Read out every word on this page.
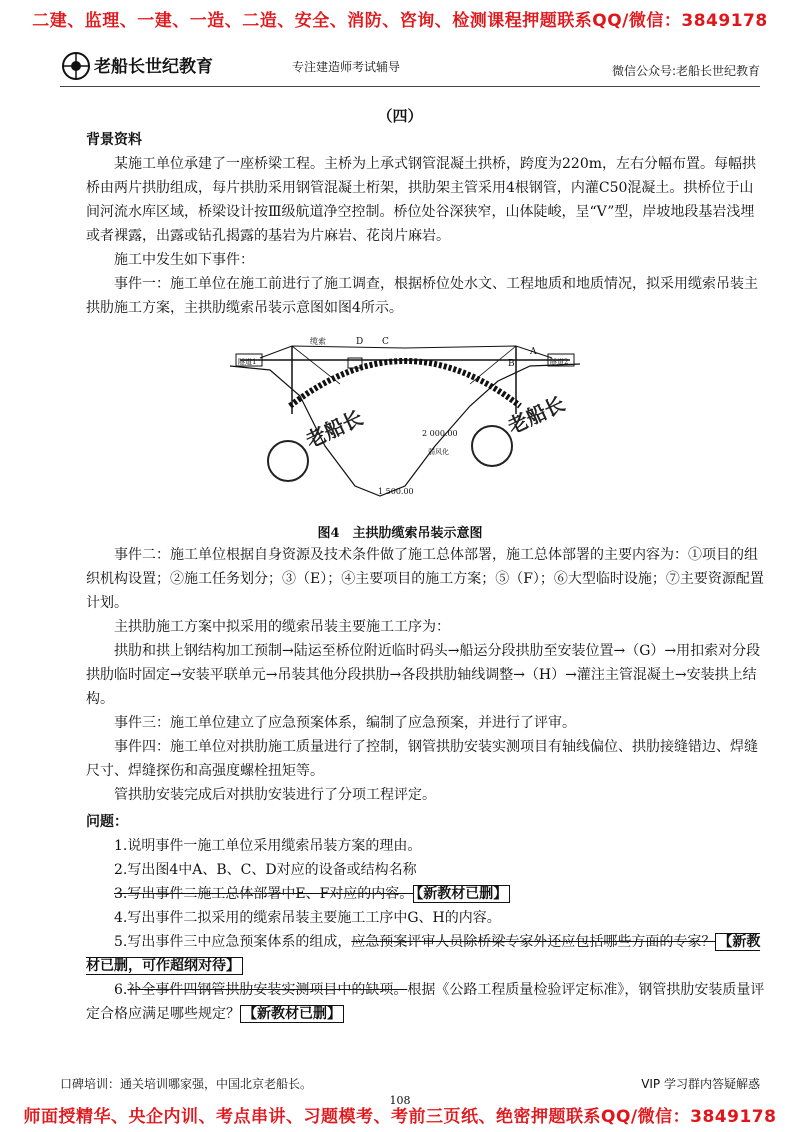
二建、监理、一建、一造、二造、安全、消防、咨询、检测课程押题联系QQ/微信：3849178
老船长世纪教育	专注建造师考试辅导	微信公众号:老船长世纪教育
（四）

背景资料

某施工单位承建了一座桥梁工程。主桥为上承式钢管混凝土拱桥，跨度为220m，左右分幅布置。每幅拱桥由两片拱肋组成，每片拱肋采用钢管混凝土桁架，拱肋架主管采用4根钢管，内灌C50混凝土。拱桥位于山间河流水库区域，桥梁设计按Ⅲ级航道净空控制。桥位处谷深狭窄，山体陡峻，呈“V”型，岸坡地段基岩浅埋或者裸露，出露或钻孔揭露的基岩为片麻岩、花岗片麻岩。

施工中发生如下事件：

事件一：施工单位在施工前进行了施工调查，根据桥位处水文、工程地质和地质情况，拟采用缆索吊装主拱肋施工方案，主拱肋缆索吊装示意图如图4所示。

隧道1	隧道2
缆索	D C
B
A
2 000.00
弱风化
1 500.00
老船长	老船长
图4　主拱肋缆索吊装示意图

事件二：施工单位根据自身资源及技术条件做了施工总体部署，施工总体部署的主要内容为：①项目的组织机构设置；②施工任务划分；③（E）；④主要项目的施工方案；⑤（F）；⑥大型临时设施；⑦主要资源配置计划。

主拱肋施工方案中拟采用的缆索吊装主要施工工序为：

拱肋和拱上钢结构加工预制→陆运至桥位附近临时码头→船运分段拱肋至安装位置→（G）→用扣索对分段拱肋临时固定→安装平联单元→吊装其他分段拱肋→各段拱肋轴线调整→（H）→灌注主管混凝土→安装拱上结构。

事件三：施工单位建立了应急预案体系，编制了应急预案，并进行了评审。

事件四：施工单位对拱肋施工质量进行了控制，钢管拱肋安装实测项目有轴线偏位、拱肋接缝错边、焊缝尺寸、焊缝探伤和高强度螺栓扭矩等。

管拱肋安装完成后对拱肋安装进行了分项工程评定。

问题：

1.说明事件一施工单位采用缆索吊装方案的理由。

2.写出图4中A、B、C、D对应的设备或结构名称

3.写出事件二施工总体部署中E、F对应的内容。 【新教材已删】

4.写出事件二拟采用的缆索吊装主要施工工序中G、H的内容。

5.写出事件三中应急预案体系的组成，应急预案评审人员除桥梁专家外还应包括哪些方面的专家？ 【新教材已删，可作超纲对待】

6.补全事件四钢管拱肋安装实测项目中的缺项。根据《公路工程质量检验评定标准》，钢管拱肋安装质量评定合格应满足哪些规定？ 【新教材已删】

口碑培训：通关培训哪家强，中国北京老船长。	VIP 学习群内答疑解惑
108
师面授精华、央企内训、考点串讲、习题模考、考前三页纸、绝密押题联系QQ/微信：3849178
